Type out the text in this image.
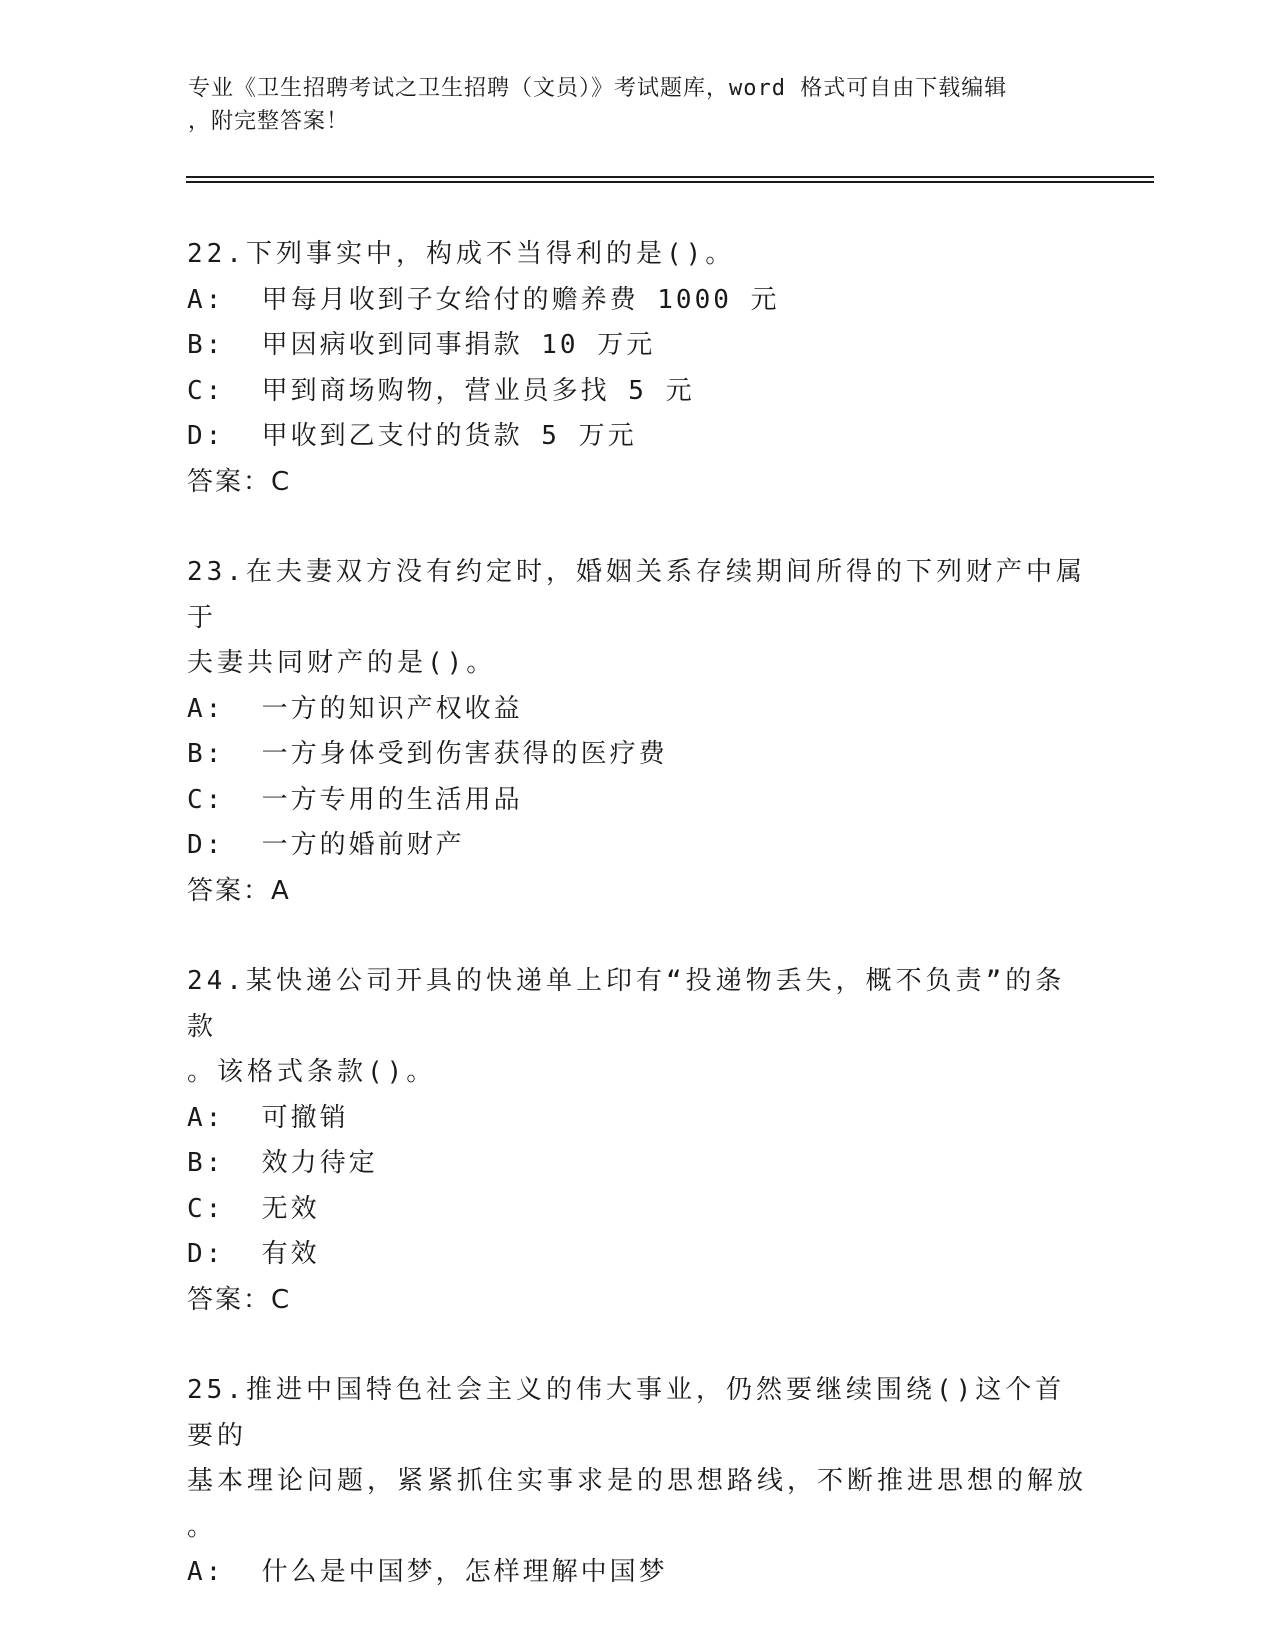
专业《卫生招聘考试之卫生招聘（文员）》考试题库，word 格式可自由下载编辑
，附完整答案！
22.下列事实中，构成不当得利的是()。
A:  甲每月收到子女给付的赡养费 1000 元
B:  甲因病收到同事捐款 10 万元
C:  甲到商场购物，营业员多找 5 元
D:  甲收到乙支付的货款 5 万元
答案：C
23.在夫妻双方没有约定时，婚姻关系存续期间所得的下列财产中属于
夫妻共同财产的是()。
A:  一方的知识产权收益
B:  一方身体受到伤害获得的医疗费
C:  一方专用的生活用品
D:  一方的婚前财产
答案：A
24.某快递公司开具的快递单上印有“投递物丢失，概不负责”的条款
。该格式条款()。
A:  可撤销
B:  效力待定
C:  无效
D:  有效
答案：C
25.推进中国特色社会主义的伟大事业，仍然要继续围绕()这个首要的
基本理论问题，紧紧抓住实事求是的思想路线，不断推进思想的解放
。
A:  什么是中国梦，怎样理解中国梦
